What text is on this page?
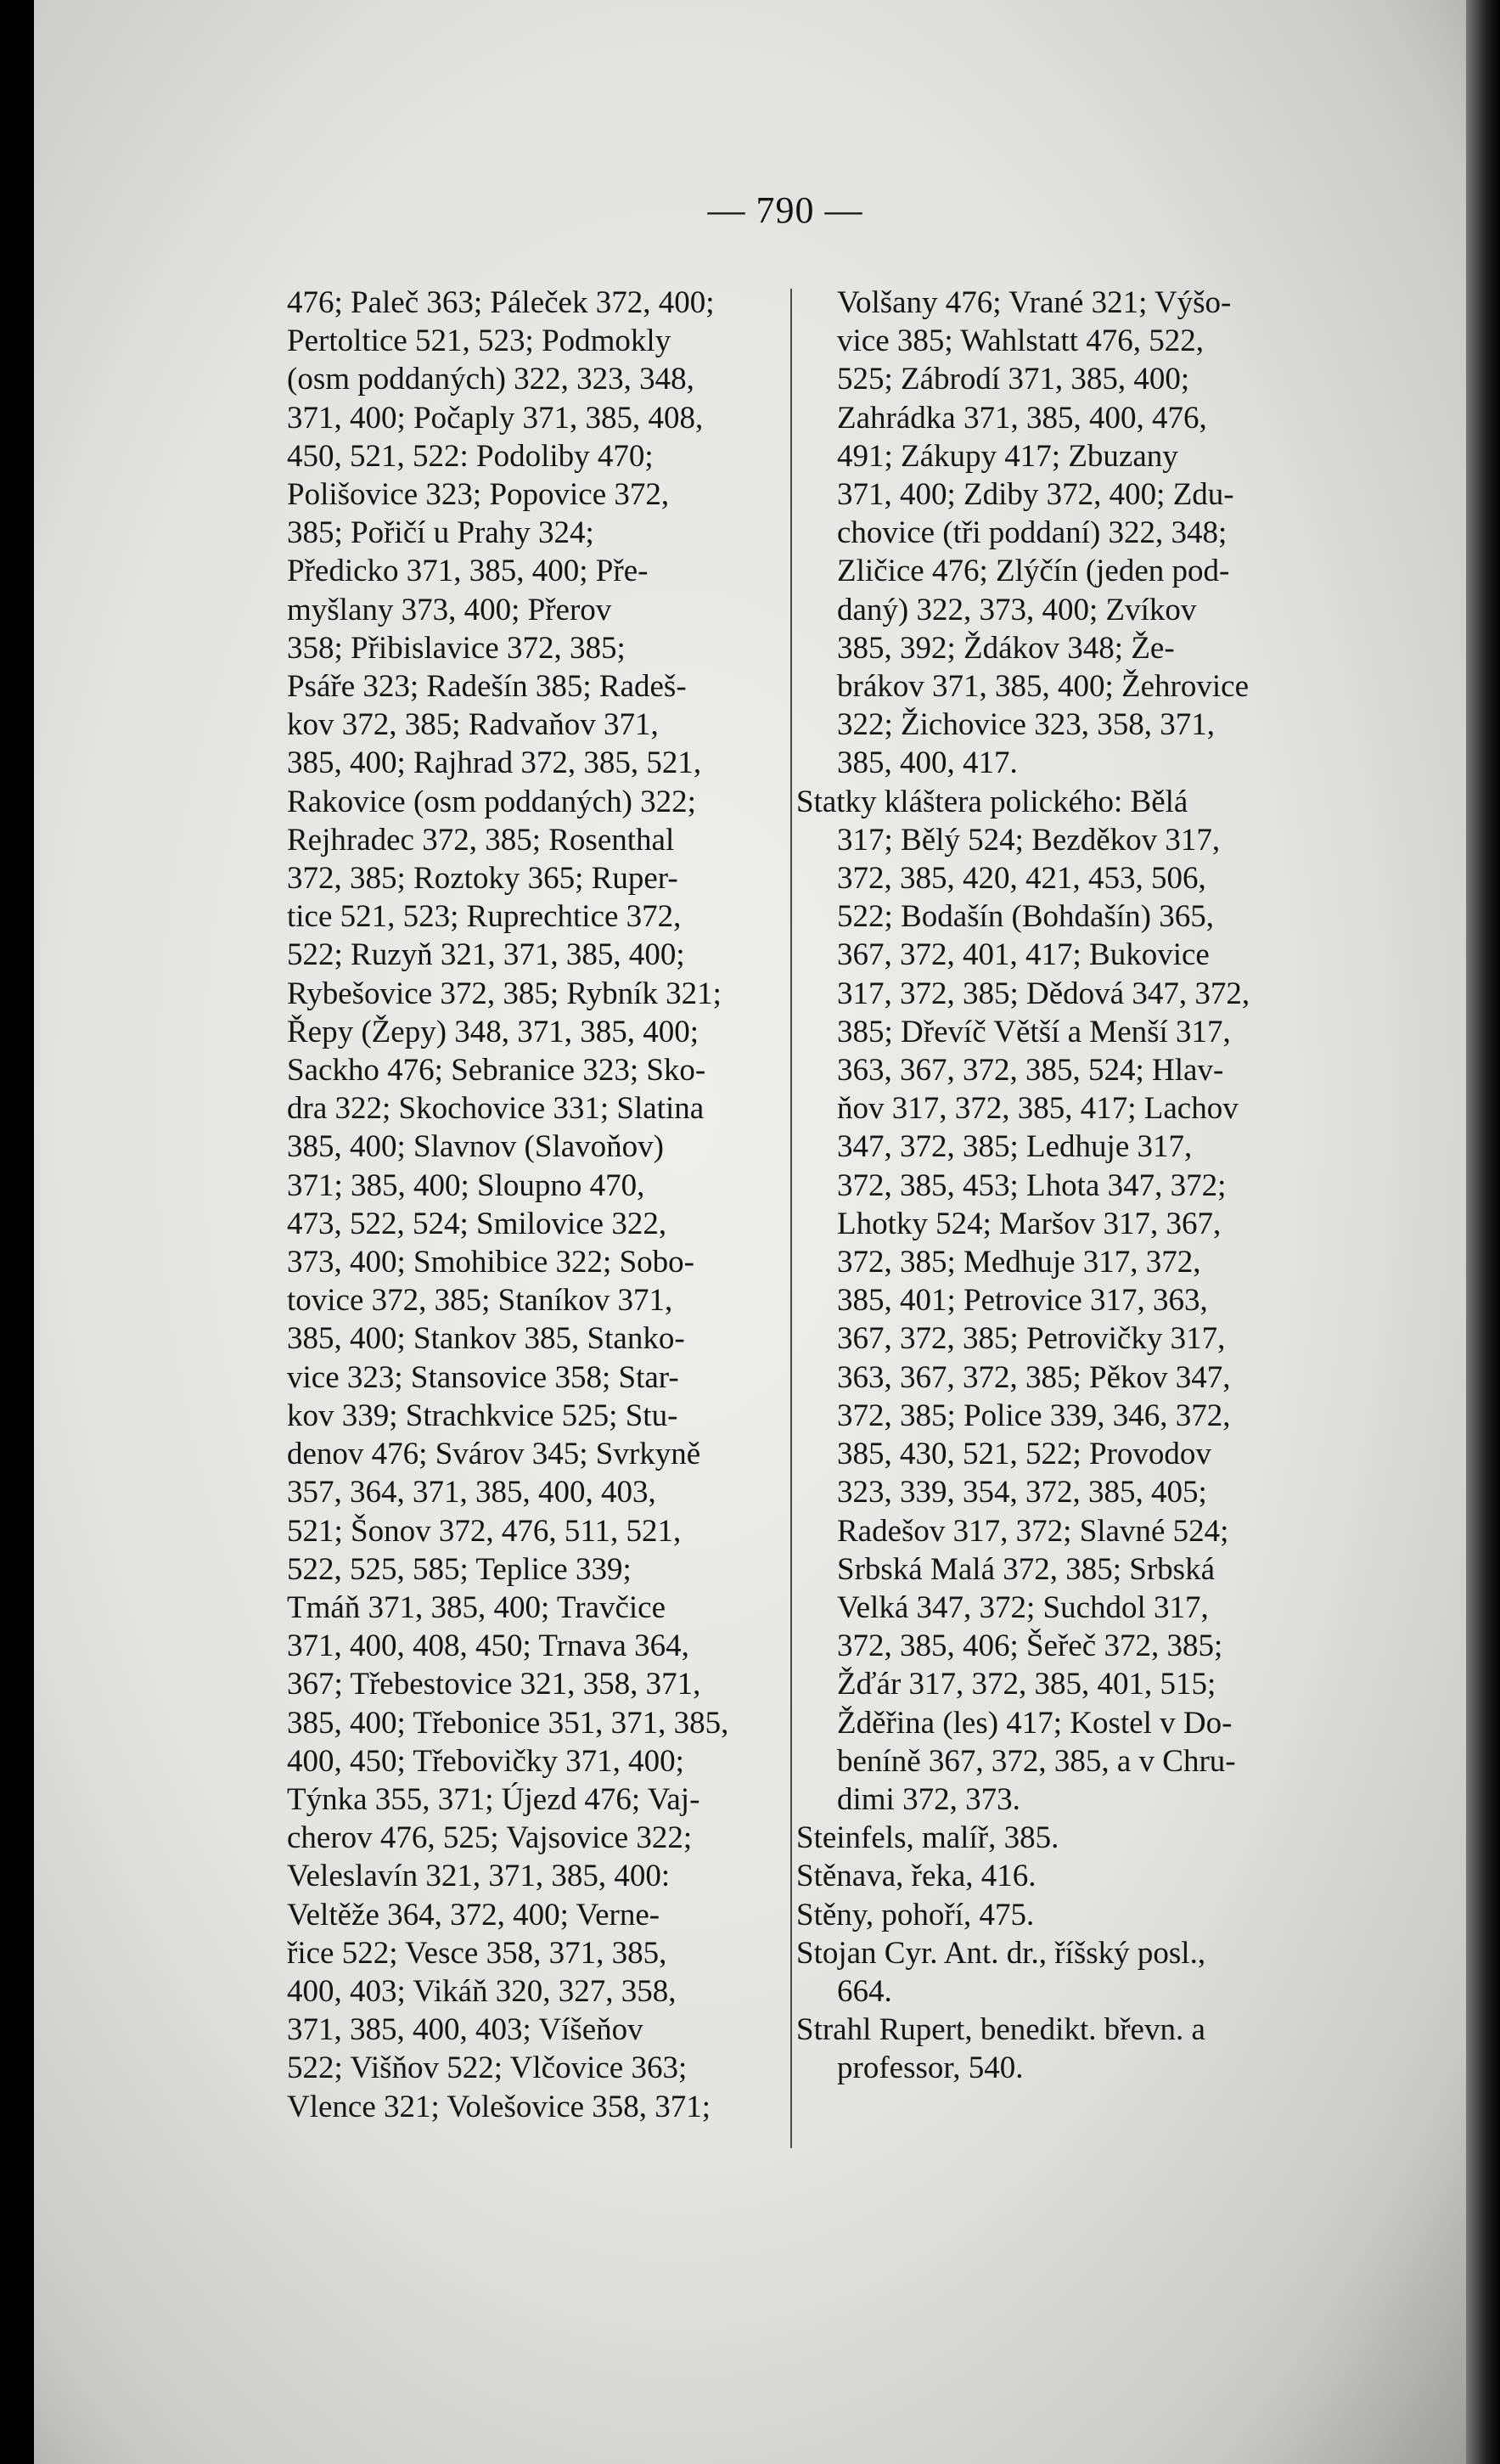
— 790 —
476; Paleč 363; Páleček 372, 400;
Pertoltice 521, 523; Podmokly
(osm poddaných) 322, 323, 348,
371, 400; Počaply 371, 385, 408,
450, 521, 522: Podoliby 470;
Polišovice 323; Popovice 372,
385; Pořičí u Prahy 324;
Předicko 371, 385, 400; Pře-
myšlany 373, 400; Přerov
358; Přibislavice 372, 385;
Psáře 323; Radešín 385; Radeš-
kov 372, 385; Radvaňov 371,
385, 400; Rajhrad 372, 385, 521,
Rakovice (osm poddaných) 322;
Rejhradec 372, 385; Rosenthal
372, 385; Roztoky 365; Ruper-
tice 521, 523; Ruprechtice 372,
522; Ruzyň 321, 371, 385, 400;
Rybešovice 372, 385; Rybník 321;
Řepy (Žepy) 348, 371, 385, 400;
Sackho 476; Sebranice 323; Sko-
dra 322; Skochovice 331; Slatina
385, 400; Slavnov (Slavoňov)
371; 385, 400; Sloupno 470,
473, 522, 524; Smilovice 322,
373, 400; Smohibice 322; Sobo-
tovice 372, 385; Staníkov 371,
385, 400; Stankov 385, Stanko-
vice 323; Stansovice 358; Star-
kov 339; Strachkvice 525; Stu-
denov 476; Svárov 345; Svrkyně
357, 364, 371, 385, 400, 403,
521; Šonov 372, 476, 511, 521,
522, 525, 585; Teplice 339;
Tmáň 371, 385, 400; Travčice
371, 400, 408, 450; Trnava 364,
367; Třebestovice 321, 358, 371,
385, 400; Třebonice 351, 371, 385,
400, 450; Třebovičky 371, 400;
Týnka 355, 371; Újezd 476; Vaj-
cherov 476, 525; Vajsovice 322;
Veleslavín 321, 371, 385, 400:
Veltěže 364, 372, 400; Verne-
řice 522; Vesce 358, 371, 385,
400, 403; Vikáň 320, 327, 358,
371, 385, 400, 403; Víšeňov
522; Višňov 522; Vlčovice 363;
Vlence 321; Volešovice 358, 371;
Volšany 476; Vrané 321; Výšo-
vice 385; Wahlstatt 476, 522,
525; Zábrodí 371, 385, 400;
Zahrádka 371, 385, 400, 476,
491; Zákupy 417; Zbuzany
371, 400; Zdiby 372, 400; Zdu-
chovice (tři poddaní) 322, 348;
Zličice 476; Zlýčín (jeden pod-
daný) 322, 373, 400; Zvíkov
385, 392; Ždákov 348; Že-
brákov 371, 385, 400; Žehrovice
322; Žichovice 323, 358, 371,
385, 400, 417.
Statky kláštera polického: Bělá
317; Bělý 524; Bezděkov 317,
372, 385, 420, 421, 453, 506,
522; Bodašín (Bohdašín) 365,
367, 372, 401, 417; Bukovice
317, 372, 385; Dědová 347, 372,
385; Dřevíč Větší a Menší 317,
363, 367, 372, 385, 524; Hlav-
ňov 317, 372, 385, 417; Lachov
347, 372, 385; Ledhuje 317,
372, 385, 453; Lhota 347, 372;
Lhotky 524; Maršov 317, 367,
372, 385; Medhuje 317, 372,
385, 401; Petrovice 317, 363,
367, 372, 385; Petrovičky 317,
363, 367, 372, 385; Pěkov 347,
372, 385; Police 339, 346, 372,
385, 430, 521, 522; Provodov
323, 339, 354, 372, 385, 405;
Radešov 317, 372; Slavné 524;
Srbská Malá 372, 385; Srbská
Velká 347, 372; Suchdol 317,
372, 385, 406; Šeřeč 372, 385;
Žďár 317, 372, 385, 401, 515;
Žděřina (les) 417; Kostel v Do-
beníně 367, 372, 385, a v Chru-
dimi 372, 373.
Steinfels, malíř, 385.
Stěnava, řeka, 416.
Stěny, pohoří, 475.
Stojan Cyr. Ant. dr., říšský posl.,
664.
Strahl Rupert, benedikt. břevn. a
professor, 540.
